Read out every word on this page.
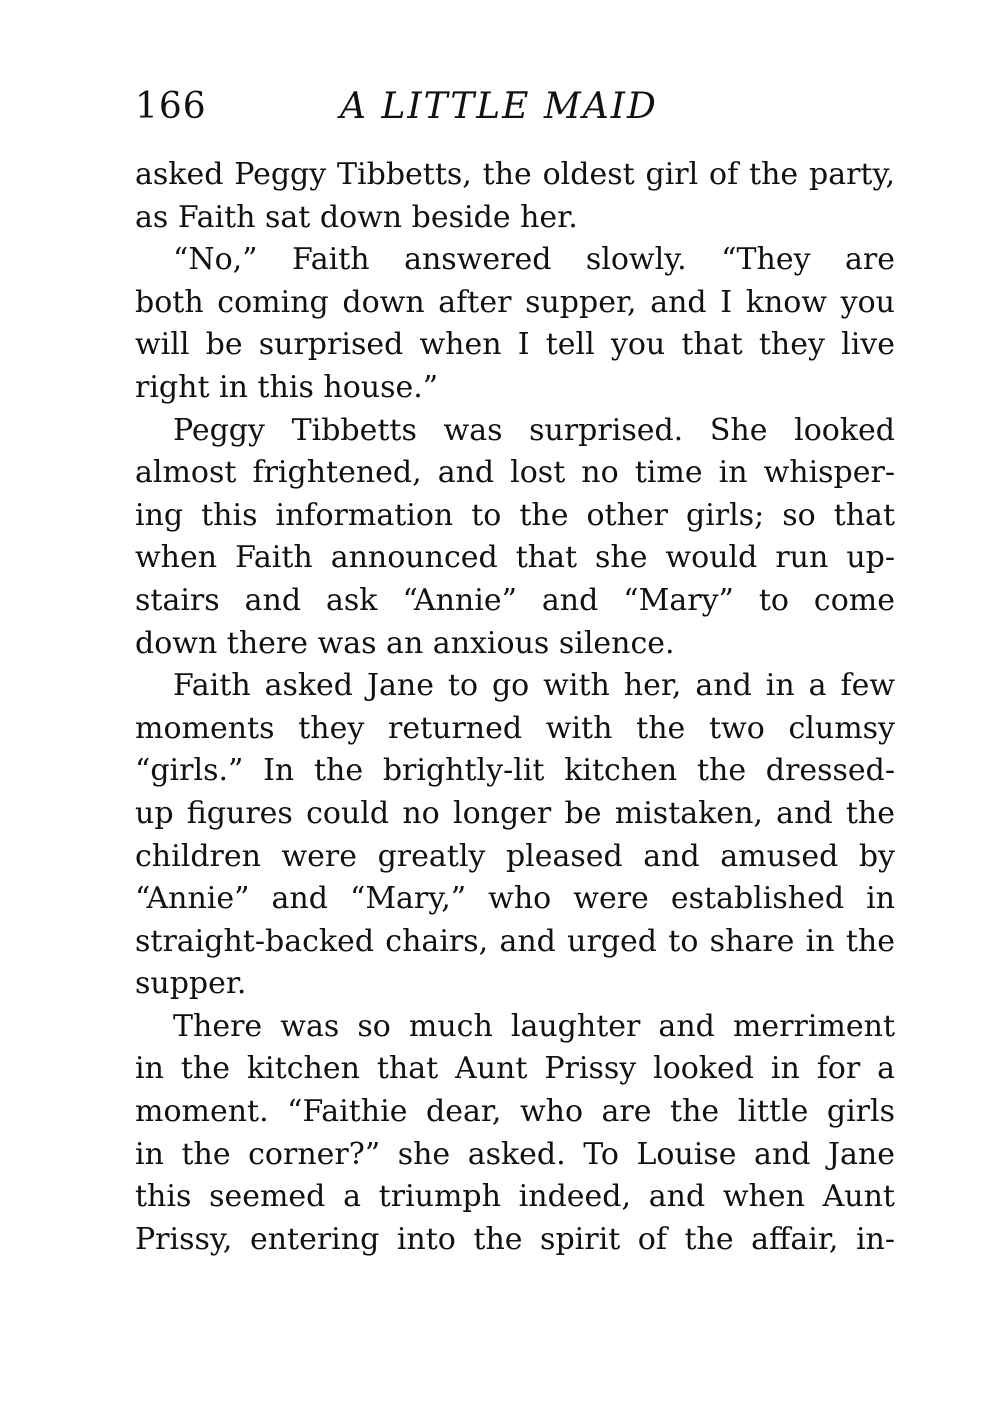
166	A LITTLE MAID
asked Peggy Tibbetts, the oldest girl of the party,
as Faith sat down beside her.
“No,” Faith answered slowly. “They are
both coming down after supper, and I know you
will be surprised when I tell you that they live
right in this house.”
Peggy Tibbetts was surprised. She looked
almost frightened, and lost no time in whisper-
ing this information to the other girls; so that
when Faith announced that she would run up-
stairs and ask “Annie” and “Mary” to come
down there was an anxious silence.
Faith asked Jane to go with her, and in a few
moments they returned with the two clumsy
“girls.” In the brightly-lit kitchen the dressed-
up figures could no longer be mistaken, and the
children were greatly pleased and amused by
“Annie” and “Mary,” who were established in
straight-backed chairs, and urged to share in the
supper.
There was so much laughter and merriment
in the kitchen that Aunt Prissy looked in for a
moment. “Faithie dear, who are the little girls
in the corner?” she asked. To Louise and Jane
this seemed a triumph indeed, and when Aunt
Prissy, entering into the spirit of the affair, in-
